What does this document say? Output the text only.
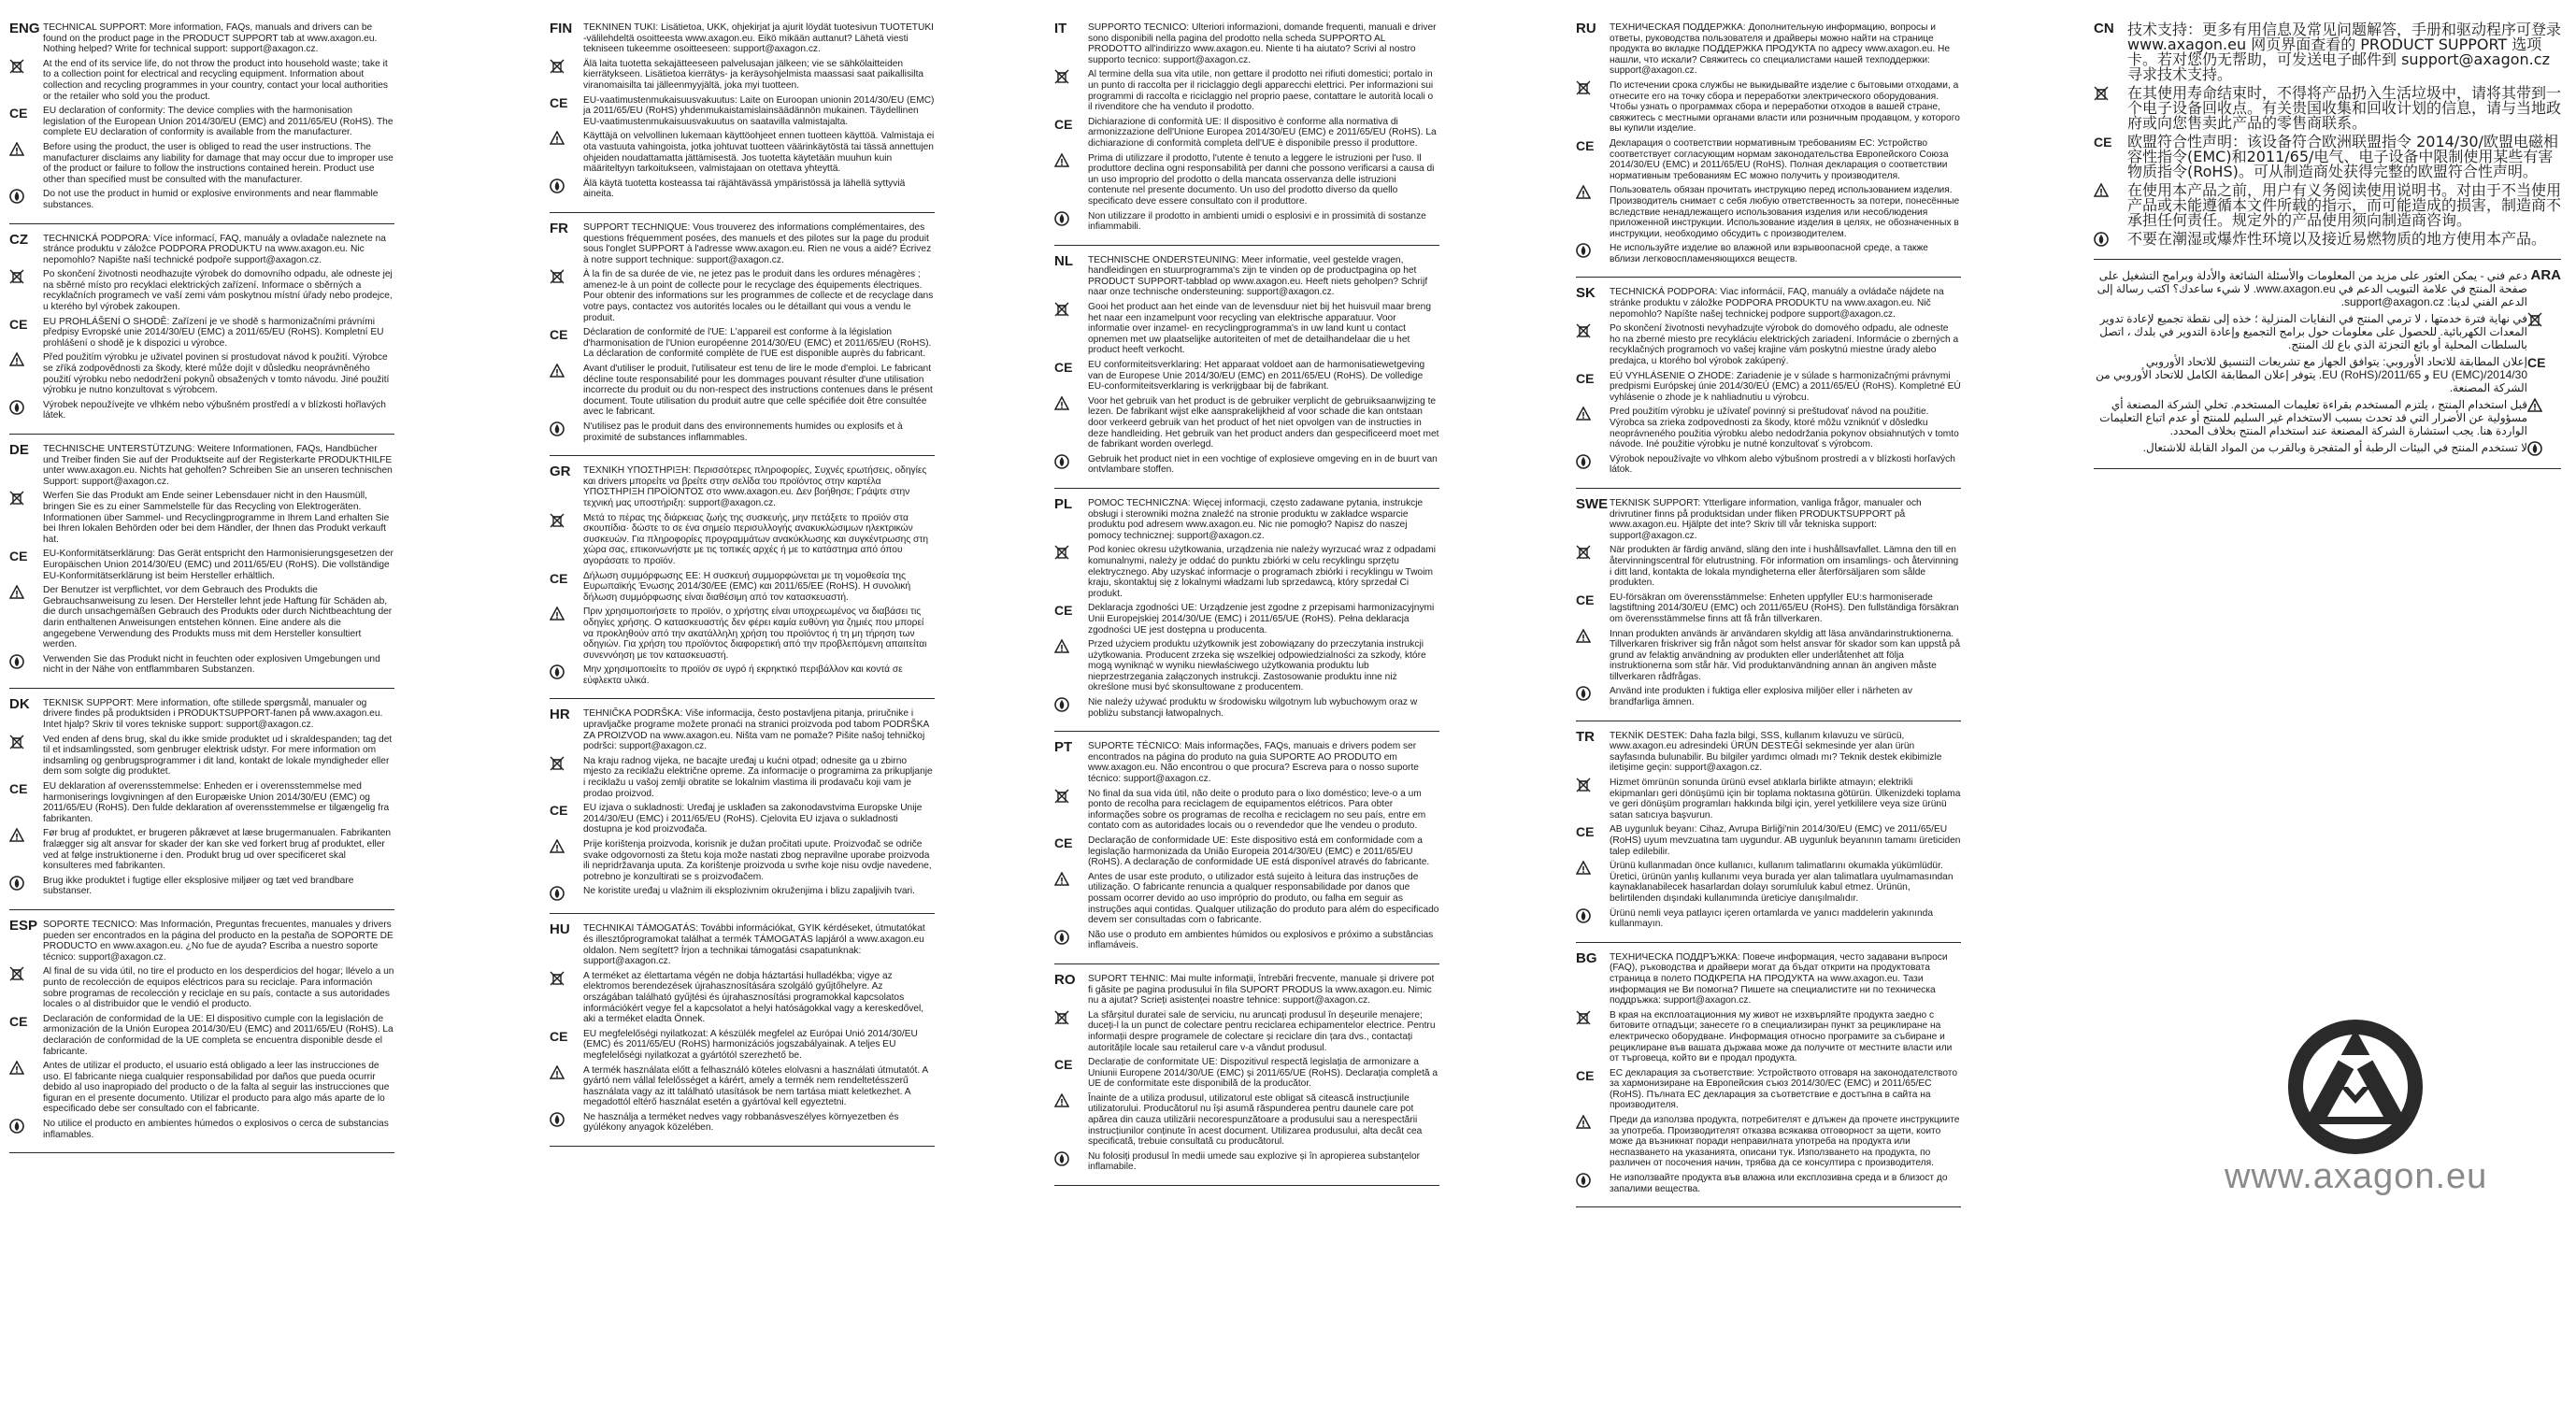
ENG TECHNICAL SUPPORT: More information, FAQs, manuals and drivers can be found on the product page in the PRODUCT SUPPORT tab at www.axagon.eu. Nothing helped? Write for technical support: support@axagon.cz.
At the end of its service life, do not throw the product into household waste; take it to a collection point for electrical and recycling equipment. Information about collection and recycling programmes in your country, contact your local authorities or the retailer who sold you the product.
CE EU declaration of conformity: The device complies with the harmonisation legislation of the European Union 2014/30/EU (EMC) and 2011/65/EU (RoHS). The complete EU declaration of conformity is available from the manufacturer.
Before using the product, the user is obliged to read the user instructions. The manufacturer disclaims any liability for damage that may occur due to improper use of the product or failure to follow the instructions contained herein. Product use other than specified must be consulted with the manufacturer.
Do not use the product in humid or explosive environments and near flammable substances.
CZ	TECHNICKÁ PODPORA: Více informací, FAQ, manuály a ovladače naleznete na stránce produktu v záložce PODPORA PRODUKTU na www.axagon.eu. Nic nepomohlo? Napište naší technické podpoře support@axagon.cz.
Po skončení životnosti neodhazujte výrobek do domovního odpadu, ale odneste jej na sběrné místo pro recyklaci elektrických zařízení. Informace o sběrných a recyklačních programech ve vaší zemi vám poskytnou místní úřady nebo prodejce, u kterého byl výrobek zakoupen.
CE EU PROHLÁŠENÍ O SHODĚ: Zařízení je ve shodě s harmonizačními právními předpisy Evropské unie 2014/30/EU (EMC) a 2011/65/EU (RoHS). Kompletní EU prohlášení o shodě je k dispozici u výrobce.
Před použitím výrobku je uživatel povinen si prostudovat návod k použití. Výrobce se zříká zodpovědnosti za škody, které může dojít v důsledku neoprávněného použití výrobku nebo nedodržení pokynů obsažených v tomto návodu. Jiné použití výrobku je nutno konzultovat s výrobcem.
Výrobek nepoužívejte ve vlhkém nebo výbušném prostředí a v blízkosti hořlavých látek.
DE	TECHNISCHE UNTERSTÜTZUNG: Weitere Informationen, FAQs, Handbücher und Treiber finden Sie auf der Produktseite auf der Registerkarte PRODUKTHILFE unter www.axagon.eu. Nichts hat geholfen? Schreiben Sie an unseren technischen Support: support@axagon.cz.
Werfen Sie das Produkt am Ende seiner Lebensdauer nicht in den Hausmüll, bringen Sie es zu einer Sammelstelle für das Recycling von Elektrogeräten. Informationen über Sammel- und Recyclingprogramme in Ihrem Land erhalten Sie bei Ihren lokalen Behörden oder bei dem Händler, der Ihnen das Produkt verkauft hat.
CE EU-Konformitätserklärung: Das Gerät entspricht den Harmonisierungsgesetzen der Europäischen Union 2014/30/EU (EMC) und 2011/65/EU (RoHS). Die vollständige EU-Konformitätserklärung ist beim Hersteller erhältlich.
Der Benutzer ist verpflichtet, vor dem Gebrauch des Produkts die Gebrauchsanweisung zu lesen. Der Hersteller lehnt jede Haftung für Schäden ab, die durch unsachgemäßen Gebrauch des Produkts oder durch Nichtbeachtung der darin enthaltenen Anweisungen entstehen können. Eine andere als die angegebene Verwendung des Produkts muss mit dem Hersteller konsultiert werden.
Verwenden Sie das Produkt nicht in feuchten oder explosiven Umgebungen und nicht in der Nähe von entflammbaren Substanzen.
DK	TEKNISK SUPPORT: Mere information, ofte stillede spørgsmål, manualer og drivere findes på produktsiden i PRODUKTSUPPORT-fanen på www.axagon.eu. Intet hjalp? Skriv til vores tekniske support: support@axagon.cz.
Ved enden af dens brug, skal du ikke smide produktet ud i skraldespanden; tag det til et indsamlingssted, som genbruger elektrisk udstyr. For mere information om indsamling og genbrugsprogrammer i dit land, kontakt de lokale myndigheder eller dem som solgte dig produktet.
CE EU deklaration af overensstemmelse: Enheden er i overensstemmelse med harmoniserings lovgivningen af den Europæiske Union 2014/30/EU (EMC) og 2011/65/EU (RoHS). Den fulde deklaration af overensstemmelse er tilgængelig fra fabrikanten.
Før brug af produktet, er brugeren påkrævet at læse brugermanualen. Fabrikanten fralægger sig alt ansvar for skader der kan ske ved forkert brug af produktet, eller ved at følge instruktionerne i den. Produkt brug ud over specificeret skal konsulteres med fabrikanten.
Brug ikke produktet i fugtige eller eksplosive miljøer og tæt ved brandbare substanser.
ESP SOPORTE TECNICO: Mas Información, Preguntas frecuentes, manuales y drivers pueden ser encontrados en la página del producto en la pestaña de SOPORTE DE PRODUCTO en www.axagon.eu. ¿No fue de ayuda? Escriba a nuestro soporte técnico: support@axagon.cz.
Al final de su vida útil, no tire el producto en los desperdicios del hogar; llévelo a un punto de recolección de equipos eléctricos para su reciclaje. Para información sobre programas de recolección y reciclaje en su país, contacte a sus autoridades locales o al distribuidor que le vendió el producto.
CE Declaración de conformidad de la UE: El dispositivo cumple con la legislación de armonización de la Unión Europea 2014/30/EU (EMC) and 2011/65/EU (RoHS). La declaración de conformidad de la UE completa se encuentra disponible desde el fabricante.
Antes de utilizar el producto, el usuario está obligado a leer las instrucciones de uso. El fabricante niega cualquier responsabilidad por daños que pueda ocurrir debido al uso inapropiado del producto o de la falta al seguir las instrucciones que figuran en el presente documento. Utilizar el producto para algo más aparte de lo especificado debe ser consultado con el fabricante.
No utilice el producto en ambientes húmedos o explosivos o cerca de substancias inflamables.
FIN	TEKNINEN TUKI: Lisätietoa, UKK, ohjekirjat ja ajurit löydät tuotesivun TUOTETUKI -välilehdeltä osoitteesta www.axagon.eu. Eikö mikään auttanut? Lähetä viesti tekniseen tukeemme osoitteeseen: support@axagon.cz.
Älä laita tuotetta sekajätteeseen palvelusajan jälkeen; vie se sähkölaitteiden kierrätykseen. Lisätietoa kierrätys- ja keräysohjelmista maassasi saat paikallisilta viranomaisilta tai jälleenmyyjältä, joka myi tuotteen.
CE EU-vaatimustenmukaisuusvakuutus: Laite on Euroopan unionin 2014/30/EU (EMC) ja 2011/65/EU (RoHS) yhdenmukaistamislainsäädännön mukainen. Täydellinen EU-vaatimustenmukaisuusvakuutus on saatavilla valmistajalta.
Käyttäjä on velvollinen lukemaan käyttöohjeet ennen tuotteen käyttöä. Valmistaja ei ota vastuuta vahingoista, jotka johtuvat tuotteen väärinkäytöstä tai tässä annettujen ohjeiden noudattamatta jättämisestä. Jos tuotetta käytetään muuhun kuin määriteltyyn tarkoitukseen, valmistajaan on otettava yhteyttä.
Älä käytä tuotetta kosteassa tai räjähtävässä ympäristössä ja lähellä syttyviä aineita.
FR	SUPPORT TECHNIQUE: Vous trouverez des informations complémentaires, des questions fréquemment posées, des manuels et des pilotes sur la page du produit sous l'onglet SUPPORT à l'adresse www.axagon.eu. Rien ne vous a aidé? Écrivez à notre support technique: support@axagon.cz.
À la fin de sa durée de vie, ne jetez pas le produit dans les ordures ménagères ; amenez-le à un point de collecte pour le recyclage des équipements électriques. Pour obtenir des informations sur les programmes de collecte et de recyclage dans votre pays, contactez vos autorités locales ou le détaillant qui vous a vendu le produit.
CE Déclaration de conformité de l'UE: L'appareil est conforme à la législation d'harmonisation de l'Union européenne 2014/30/EU (EMC) et 2011/65/EU (RoHS). La déclaration de conformité complète de l'UE est disponible auprès du fabricant.
Avant d'utiliser le produit, l'utilisateur est tenu de lire le mode d'emploi. Le fabricant décline toute responsabilité pour les dommages pouvant résulter d'une utilisation incorrecte du produit ou du non-respect des instructions contenues dans le présent document. Toute utilisation du produit autre que celle spécifiée doit être consultée avec le fabricant.
N'utilisez pas le produit dans des environnements humides ou explosifs et à proximité de substances inflammables.
GR	ΤΕΧΝΙΚΗ ΥΠΟΣΤΗΡΙΞΗ: Περισσότερες πληροφορίες, Συχνές ερωτήσεις, οδηγίες και drivers μπορείτε να βρείτε στην σελίδα του προϊόντος στην καρτέλα ΥΠΟΣΤΗΡΙΞΗ ΠΡΟΪΟΝΤΟΣ στο www.axagon.eu. Δεν βοήθησε; Γράψτε στην τεχνική μας υποστήριξη: support@axagon.cz.
Μετά το πέρας της διάρκειας ζωής της συσκευής, μην πετάξετε το προϊόν στα σκουπίδια· δώστε το σε ένα σημείο περισυλλογής ανακυκλώσιμων ηλεκτρικών συσκευών. Για πληροφορίες προγραμμάτων ανακύκλωσης και συγκέντρωσης στη χώρα σας, επικοινωνήστε με τις τοπικές αρχές ή με το κατάστημα από όπου αγοράσατε το προϊόν.
CE Δήλωση συμμόρφωσης ΕΕ: Η συσκευή συμμορφώνεται με τη νομοθεσία της Ευρωπαϊκής Ένωσης 2014/30/ΕΕ (EMC) και 2011/65/ΕΕ (RoHS). Η συνολική δήλωση συμμόρφωσης είναι διαθέσιμη από τον κατασκευαστή.
Πριν χρησιμοποιήσετε το προϊόν, ο χρήστης είναι υποχρεωμένος να διαβάσει τις οδηγίες χρήσης. Ο κατασκευαστής δεν φέρει καμία ευθύνη για ζημιές που μπορεί να προκληθούν από την ακατάλληλη χρήση του προϊόντος ή τη μη τήρηση των οδηγιών. Για χρήση του προϊόντος διαφορετική από την προβλεπόμενη απαιτείται συνεννόηση με τον κατασκευαστή.
Μην χρησιμοποιείτε το προϊόν σε υγρό ή εκρηκτικό περιβάλλον και κοντά σε εύφλεκτα υλικά.
HR	TEHNIČKA PODRŠKA: Više informacija, često postavljena pitanja, priručnike i upravljačke programe možete pronaći na stranici proizvoda pod tabom PODRŠKA ZA PROIZVOD na www.axagon.eu. Ništa vam ne pomaže? Pišite našoj tehničkoj podršci: support@axagon.cz.
Na kraju radnog vijeka, ne bacajte uređaj u kućni otpad; odnesite ga u zbirno mjesto za reciklažu električne opreme. Za informacije o programima za prikupljanje i reciklažu u vašoj zemlji obratite se lokalnim vlastima ili prodavaču koji vam je prodao proizvod.
CE EU izjava o sukladnosti: Uređaj je usklađen sa zakonodavstvima Europske Unije 2014/30/EU (EMC) i 2011/65/EU (RoHS). Cjelovita EU izjava o sukladnosti dostupna je kod proizvođača.
Prije korištenja proizvoda, korisnik je dužan pročitati upute. Proizvođač se odriče svake odgovornosti za štetu koja može nastati zbog nepravilne uporabe proizvoda ili nepridržavanja uputa. Za korištenje proizvoda u svrhe koje nisu ovdje navedene, potrebno je konzultirati se s proizvođačem.
Ne koristite uređaj u vlažnim ili eksplozivnim okruženjima i blizu zapaljivih tvari.
HU	TECHNIKAI TÁMOGATÁS: További információkat, GYIK kérdéseket, útmutatókat és illesztőprogramokat találhat a termék TÁMOGATÁS lapjáról a www.axagon.eu oldalon. Nem segített? Írjon a technikai támogatási csapatunknak: support@axagon.cz.
A terméket az élettartama végén ne dobja háztartási hulladékba; vigye az elektromos berendezések újrahasznosítására szolgáló gyűjtőhelyre. Az országában található gyűjtési és újrahasznosítási programokkal kapcsolatos információkért vegye fel a kapcsolatot a helyi hatóságokkal vagy a kereskedővel, aki a terméket eladta Önnek.
CE EU megfelelőségi nyilatkozat: A készülék megfelel az Európai Unió 2014/30/EU (EMC) és 2011/65/EU (RoHS) harmonizációs jogszabályainak. A teljes EU megfelelőségi nyilatkozat a gyártótól szerezhető be.
A termék használata előtt a felhasználó köteles elolvasni a használati útmutatót. A gyártó nem vállal felelősséget a kárért, amely a termék nem rendeltetésszerű használata vagy az itt található utasítások be nem tartása miatt keletkezhet. A megadottól eltérő használat esetén a gyártóval kell egyeztetni.
Ne használja a terméket nedves vagy robbanásveszélyes környezetben és gyúlékony anyagok közelében.
IT	SUPPORTO TECNICO: Ulteriori informazioni, domande frequenti, manuali e driver sono disponibili nella pagina del prodotto nella scheda SUPPORTO AL PRODOTTO all'indirizzo www.axagon.eu. Niente ti ha aiutato? Scrivi al nostro supporto tecnico: support@axagon.cz.
Al termine della sua vita utile, non gettare il prodotto nei rifiuti domestici; portalo in un punto di raccolta per il riciclaggio degli apparecchi elettrici. Per informazioni sui programmi di raccolta e riciclaggio nel proprio paese, contattare le autorità locali o il rivenditore che ha venduto il prodotto.
CE Dichiarazione di conformità UE: Il dispositivo è conforme alla normativa di armonizzazione dell'Unione Europea 2014/30/EU (EMC) e 2011/65/EU (RoHS). La dichiarazione di conformità completa dell'UE è disponibile presso il produttore.
Prima di utilizzare il prodotto, l'utente è tenuto a leggere le istruzioni per l'uso. Il produttore declina ogni responsabilità per danni che possono verificarsi a causa di un uso improprio del prodotto o della mancata osservanza delle istruzioni contenute nel presente documento. Un uso del prodotto diverso da quello specificato deve essere consultato con il produttore.
Non utilizzare il prodotto in ambienti umidi o esplosivi e in prossimità di sostanze infiammabili.
NL	TECHNISCHE ONDERSTEUNING: Meer informatie, veel gestelde vragen, handleidingen en stuurprogramma's zijn te vinden op de productpagina op het PRODUCT SUPPORT-tabblad op www.axagon.eu. Heeft niets geholpen? Schrijf naar onze technische ondersteuning: support@axagon.cz.
Gooi het product aan het einde van de levensduur niet bij het huisvuil maar breng het naar een inzamelpunt voor recycling van elektrische apparatuur. Voor informatie over inzamel- en recyclingprogramma's in uw land kunt u contact opnemen met uw plaatselijke autoriteiten of met de detailhandelaar die u het product heeft verkocht.
CE EU conformiteitsverklaring: Het apparaat voldoet aan de harmonisatiewetgeving van de Europese Unie 2014/30/EU (EMC) en 2011/65/EU (RoHS). De volledige EU-conformiteitsverklaring is verkrijgbaar bij de fabrikant.
Voor het gebruik van het product is de gebruiker verplicht de gebruiksaanwijzing te lezen. De fabrikant wijst elke aansprakelijkheid af voor schade die kan ontstaan door verkeerd gebruik van het product of het niet opvolgen van de instructies in deze handleiding. Het gebruik van het product anders dan gespecificeerd moet met de fabrikant worden overlegd.
Gebruik het product niet in een vochtige of explosieve omgeving en in de buurt van ontvlambare stoffen.
PL	POMOC TECHNICZNA: Więcej informacji, często zadawane pytania, instrukcje obsługi i sterowniki można znaleźć na stronie produktu w zakładce wsparcie produktu pod adresem www.axagon.eu. Nic nie pomogło? Napisz do naszej pomocy technicznej: support@axagon.cz.
Pod koniec okresu użytkowania, urządzenia nie należy wyrzucać wraz z odpadami komunalnymi, należy je oddać do punktu zbiórki w celu recyklingu sprzętu elektrycznego. Aby uzyskać informacje o programach zbiórki i recyklingu w Twoim kraju, skontaktuj się z lokalnymi władzami lub sprzedawcą, który sprzedał Ci produkt.
CE Deklaracja zgodności UE: Urządzenie jest zgodne z przepisami harmonizacyjnymi Unii Europejskiej 2014/30/UE (EMC) i 2011/65/UE (RoHS). Pełna deklaracja zgodności UE jest dostępna u producenta.
Przed użyciem produktu użytkownik jest zobowiązany do przeczytania instrukcji użytkowania. Producent zrzeka się wszelkiej odpowiedzialności za szkody, które mogą wyniknąć w wyniku niewłaściwego użytkowania produktu lub nieprzestrzegania załączonych instrukcji. Zastosowanie produktu inne niż określone musi być skonsultowane z producentem.
Nie należy używać produktu w środowisku wilgotnym lub wybuchowym oraz w pobliżu substancji łatwopalnych.
PT	SUPORTE TÉCNICO: Mais informações, FAQs, manuais e drivers podem ser encontrados na página do produto na guia SUPORTE AO PRODUTO em www.axagon.eu. Não encontrou o que procura? Escreva para o nosso suporte técnico: support@axagon.cz.
No final da sua vida útil, não deite o produto para o lixo doméstico; leve-o a um ponto de recolha para reciclagem de equipamentos elétricos. Para obter informações sobre os programas de recolha e reciclagem no seu país, entre em contato com as autoridades locais ou o revendedor que lhe vendeu o produto.
CE Declaração de conformidade UE: Este dispositivo está em conformidade com a legislação harmonizada da União Europeia 2014/30/EU (EMC) e 2011/65/EU (RoHS). A declaração de conformidade UE está disponível através do fabricante.
Antes de usar este produto, o utilizador está sujeito à leitura das instruções de utilização. O fabricante renuncia a qualquer responsabilidade por danos que possam ocorrer devido ao uso impróprio do produto, ou falha em seguir as instruções aqui contidas. Qualquer utilização do produto para além do especificado devem ser consultadas com o fabricante.
Não use o produto em ambientes húmidos ou explosivos e próximo a substâncias inflamáveis.
RO	SUPORT TEHNIC: Mai multe informații, întrebări frecvente, manuale și drivere pot fi găsite pe pagina produsului în fila SUPORT PRODUS la www.axagon.eu. Nimic nu a ajutat? Scrieți asistenței noastre tehnice: support@axagon.cz.
La sfârșitul duratei sale de serviciu, nu aruncați produsul în deșeurile menajere; duceți-l la un punct de colectare pentru reciclarea echipamentelor electrice. Pentru informații despre programele de colectare și reciclare din țara dvs., contactați autoritățile locale sau retailerul care v-a vândut produsul.
CE Declarație de conformitate UE: Dispozitivul respectă legislația de armonizare a Uniunii Europene 2014/30/UE (EMC) și 2011/65/UE (RoHS). Declarația completă a UE de conformitate este disponibilă de la producător.
Înainte de a utiliza produsul, utilizatorul este obligat să citească instrucțiunile utilizatorului. Producătorul nu își asumă răspunderea pentru daunele care pot apărea din cauza utilizării necorespunzătoare a produsului sau a nerespectării instrucțiunilor conținute în acest document. Utilizarea produsului, alta decât cea specificată, trebuie consultată cu producătorul.
Nu folosiți produsul în medii umede sau explozive și în apropierea substanțelor inflamabile.
RU	ТЕХНИЧЕСКАЯ ПОДДЕРЖКА: Дополнительную информацию, вопросы и ответы, руководства пользователя и драйверы можно найти на странице продукта во вкладке ПОДДЕРЖКА ПРОДУКТА по адресу www.axagon.eu. Не нашли, что искали? Свяжитесь со специалистами нашей техподдержки: support@axagon.cz.
По истечении срока службы не выкидывайте изделие с бытовыми отходами, а отнесите его на точку сбора и переработки электрического оборудования. Чтобы узнать о программах сбора и переработки отходов в вашей стране, свяжитесь с местными органами власти или розничным продавцом, у которого вы купили изделие.
CE Декларация о соответствии нормативным требованиям ЕС: Устройство соответствует согласующим нормам законодательства Европейского Союза 2014/30/EU (EMC) и 2011/65/EU (RoHS). Полная декларация о соответствии нормативным требованиям ЕС можно получить у производителя.
Пользователь обязан прочитать инструкцию перед использованием изделия. Производитель снимает с себя любую ответственность за потери, понесённые вследствие ненадлежащего использования изделия или несоблюдения приложенной инструкции. Использование изделия в целях, не обозначенных в инструкции, необходимо обсудить с производителем.
Не используйте изделие во влажной или взрывоопасной среде, а также вблизи легковоспламеняющихся веществ.
SK	TECHNICKÁ PODPORA: Viac informácií, FAQ, manuály a ovládače nájdete na stránke produktu v záložke PODPORA PRODUKTU na www.axagon.eu. Nič nepomohlo? Napíšte našej technickej podpore support@axagon.cz.
Po skončení životnosti nevyhadzujte výrobok do domového odpadu, ale odneste ho na zberné miesto pre recykláciu elektrických zariadení. Informácie o zberných a recyklačných programoch vo vašej krajine vám poskytnú miestne úrady alebo predajca, u ktorého bol výrobok zakúpený.
CE EÚ VYHLÁSENIE O ZHODE: Zariadenie je v súlade s harmonizačnými právnymi predpismi Európskej únie 2014/30/EÚ (EMC) a 2011/65/EÚ (RoHS). Kompletné EÚ vyhlásenie o zhode je k nahliadnutiu u výrobcu.
Pred použitím výrobku je užívateľ povinný si preštudovať návod na použitie. Výrobca sa zrieka zodpovednosti za škody, ktoré môžu vzniknúť v dôsledku neoprávneného použitia výrobku alebo nedodržania pokynov obsiahnutých v tomto návode. Iné použitie výrobku je nutné konzultovať s výrobcom.
Výrobok nepoužívajte vo vlhkom alebo výbušnom prostredí a v blízkosti horľavých látok.
SWE TEKNISK SUPPORT: Ytterligare information, vanliga frågor, manualer och drivrutiner finns på produktsidan under fliken PRODUKTSUPPORT på www.axagon.eu. Hjälpte det inte? Skriv till vår tekniska support: support@axagon.cz.
När produkten är färdig använd, släng den inte i hushållsavfallet. Lämna den till en återvinningscentral för elutrustning. För information om insamlings- och återvinning i ditt land, kontakta de lokala myndigheterna eller återförsäljaren som sålde produkten.
CE EU-försäkran om överensstämmelse: Enheten uppfyller EU:s harmoniserade lagstiftning 2014/30/EU (EMC) och 2011/65/EU (RoHS). Den fullständiga försäkran om överensstämmelse finns att få från tillverkaren.
Innan produkten används är användaren skyldig att läsa användarinstruktionerna. Tillverkaren friskriver sig från något som helst ansvar för skador som kan uppstå på grund av felaktig användning av produkten eller underlåtenhet att följa instruktionerna som står här. Vid produktanvändning annan än angiven måste tillverkaren rådfrågas.
Använd inte produkten i fuktiga eller explosiva miljöer eller i närheten av brandfarliga ämnen.
TR	TEKNİK DESTEK: Daha fazla bilgi, SSS, kullanım kılavuzu ve sürücü, www.axagon.eu adresindeki ÜRÜN DESTEĞİ sekmesinde yer alan ürün sayfasında bulunabilir. Bu bilgiler yardımcı olmadı mı? Teknik destek ekibimizle iletişime geçin: support@axagon.cz.
Hizmet ömrünün sonunda ürünü evsel atıklarla birlikte atmayın; elektrikli ekipmanları geri dönüşümü için bir toplama noktasına götürün. Ülkenizdeki toplama ve geri dönüşüm programları hakkında bilgi için, yerel yetkililere veya size ürünü satan satıcıya başvurun.
CE AB uygunluk beyanı: Cihaz, Avrupa Birliği'nin 2014/30/EU (EMC) ve 2011/65/EU (RoHS) uyum mevzuatına tam uygundur. AB uygunluk beyanının tamamı üreticiden talep edilebilir.
Ürünü kullanmadan önce kullanıcı, kullanım talimatlarını okumakla yükümlüdür. Üretici, ürünün yanlış kullanımı veya burada yer alan talimatlara uyulmamasından kaynaklanabilecek hasarlardan dolayı sorumluluk kabul etmez. Ürünün, belirtilenden dışındaki kullanımında üreticiye danışılmalıdır.
Ürünü nemli veya patlayıcı içeren ortamlarda ve yanıcı maddelerin yakınında kullanmayın.
BG	ТЕХНИЧЕСКА ПОДДРЪЖКА: Повече информация, често задавани въпроси (FAQ), ръководства и драйвери могат да бъдат открити на продуктовата страница в полето ПОДКРЕПА НА ПРОДУКТА на www.axagon.eu. Тази информация не Ви помогна? Пишете на специалистите ни по техническа поддръжка: support@axagon.cz.
В края на експлоатационния му живот не изхвърляйте продукта заедно с битовите отпадъци; занесете го в специализиран пункт за рециклиране на електрическо оборудване. Информация относно програмите за събиране и рециклиране във вашата държава може да получите от местните власти или от търговеца, който ви е продал продукта.
CE ЕС декларация за съответствие: Устройството отговаря на законодателството за хармонизиране на Европейския съюз 2014/30/ЕС (EMC) и 2011/65/ЕС (RoHS). Пълната ЕС декларация за съответствие е достъпна в сайта на производителя.
Преди да използва продукта, потребителят е длъжен да прочете инструкциите за употреба. Производителят отказва всякаква отговорност за щети, които може да възникнат поради неправилната употреба на продукта или неспазването на указанията, описани тук. Използването на продукта, по различен от посочения начин, трябва да се консултира с производителя.
Не използвайте продукта във влажна или експлозивна среда и в близост до запалими вещества.
CN 技术支持：更多有用信息及常见问题解答，手册和驱动程序可登录 www.axagon.eu 网页界面查看的 PRODUCT SUPPORT 选项卡。若对您仍无帮助，可发送电子邮件到 support@axagon.cz 寻求技术支持。
在其使用寿命结束时，不得将产品扔入生活垃圾中，请将其带到一个电子设备回收点。有关贵国收集和回收计划的信息，请与当地政府或向您售卖此产品的零售商联系。
CE 欧盟符合性声明：该设备符合欧洲联盟指令 2014/30/欧盟电磁相容性指令(EMC)和2011/65/电气、电子设备中限制使用某些有害物质指令(RoHS)。可从制造商处获得完整的欧盟符合性声明。
在使用本产品之前，用户有义务阅读使用说明书。对由于不当使用产品或未能遵循本文件所载的指示，而可能造成的损害，制造商不承担任何责任。规定外的产品使用须向制造商咨询。
不要在潮湿或爆炸性环境以及接近易燃物质的地方使用本产品。
ARA
دعم فني - يمكن العثور على مزيد من المعلومات والأسئلة الشائعة والأدلة وبرامج التشغيل على صفحة المنتج في علامة التبويب الدعم في www.axagon.eu. لا شيء ساعدك؟ اكتب رسالة إلى الدعم الفني لدينا: support@axagon.cz.
في نهاية فترة خدمتها ، لا ترمي المنتج في النفايات المنزلية ؛ خذه إلى نقطة تجميع لإعادة تدوير المعدات الكهربائية. للحصول على معلومات حول برامج التجميع وإعادة التدوير في بلدك ، اتصل بالسلطات المحلية أو بائع التجزئة الذي باع لك المنتج.
CE
إعلان المطابقة للاتحاد الأوروبي: يتوافق الجهاز مع تشريعات التنسيق للاتحاد الأوروبي 2014/30/EU (EMC) و 2011/65/EU (RoHS). يتوفر إعلان المطابقة الكامل للاتحاد الأوروبي من الشركة المصنعة.
قبل استخدام المنتج ، يلتزم المستخدم بقراءة تعليمات المستخدم. تخلي الشركة المصنعة أي مسؤولية عن الأضرار التي قد تحدث بسبب الاستخدام غير السليم للمنتج أو عدم اتباع التعليمات الواردة هنا. يجب استشارة الشركة المصنعة عند استخدام المنتج بخلاف المحدد.
لا تستخدم المنتج في البيئات الرطبة أو المتفجرة وبالقرب من المواد القابلة للاشتعال.
www.axagon.eu
